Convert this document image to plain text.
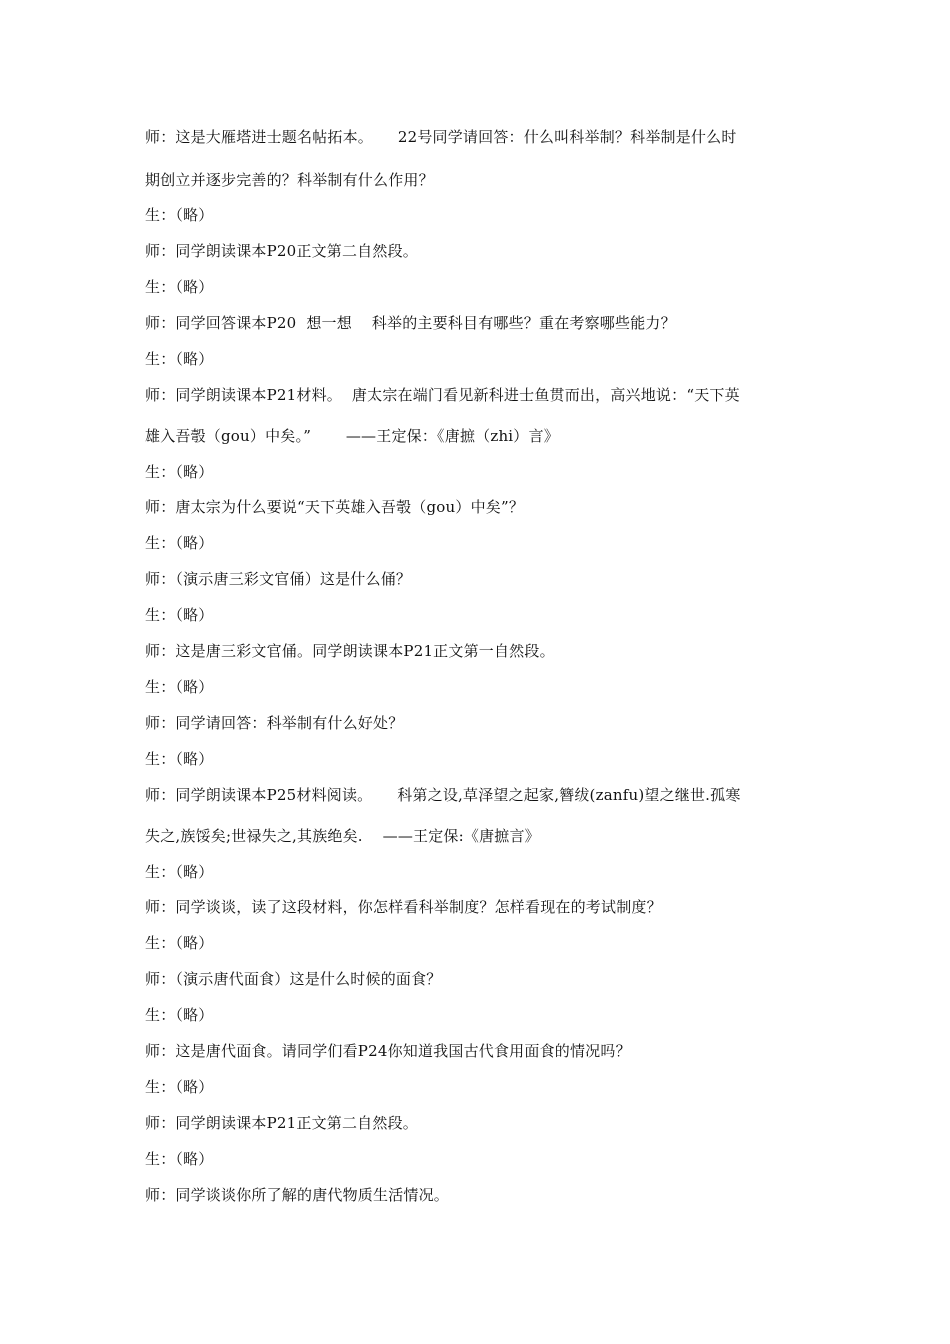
师：这是大雁塔进士题名帖拓本。     22号同学请回答：什么叫科举制？科举制是什么时
期创立并逐步完善的？科举制有什么作用？
生：（略）
师：同学朗读课本P20正文第二自然段。
生：（略）
师：同学回答课本P20  想一想    科举的主要科目有哪些？重在考察哪些能力？
生：（略）
师：同学朗读课本P21材料。  唐太宗在端门看见新科进士鱼贯而出，高兴地说：“天下英
雄入吾彀（gou）中矣。”       ——王定保：《唐摭（zhi）言》
生：（略）
师：唐太宗为什么要说“天下英雄入吾彀（gou）中矣”？
生：（略）
师：（演示唐三彩文官俑）这是什么俑？
生：（略）
师：这是唐三彩文官俑。同学朗读课本P21正文第一自然段。
生：（略）
师：同学请回答：科举制有什么好处？
生：（略）
师：同学朗读课本P25材料阅读。     科第之设,草泽望之起家,簪绂(zanfu)望之继世.孤寒
失之,族馁矣;世禄失之,其族绝矣.    ——王定保:《唐摭言》
生：（略）
师：同学谈谈，读了这段材料，你怎样看科举制度？怎样看现在的考试制度？
生：（略）
师：（演示唐代面食）这是什么时候的面食？
生：（略）
师：这是唐代面食。请同学们看P24你知道我国古代食用面食的情况吗？
生：（略）
师：同学朗读课本P21正文第二自然段。
生：（略）
师：同学谈谈你所了解的唐代物质生活情况。
